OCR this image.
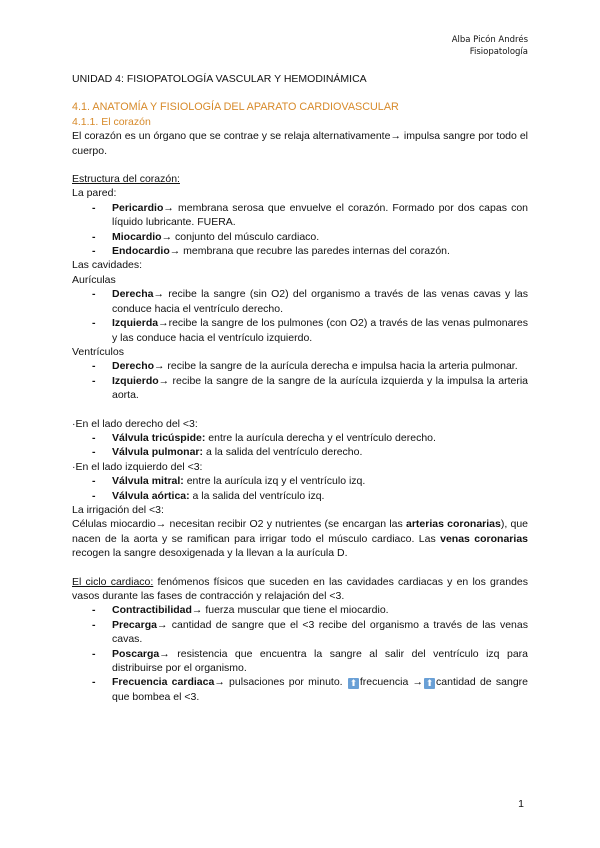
Alba Picón Andrés
Fisiopatología

UNIDAD 4: FISIOPATOLOGÍA VASCULAR Y HEMODINÁMICA

4.1. ANATOMÍA Y FISIOLOGÍA DEL APARATO CARDIOVASCULAR

4.1.1. El corazón

El corazón es un órgano que se contrae y se relaja alternativamente→ impulsa sangre por todo el cuerpo.

Estructura del corazón:

La pared:

- Pericardio→ membrana serosa que envuelve el corazón. Formado por dos capas con líquido lubricante. FUERA.
- Miocardio→ conjunto del músculo cardiaco.
- Endocardio→ membrana que recubre las paredes internas del corazón.

Las cavidades:

Aurículas

- Derecha→ recibe la sangre (sin O2) del organismo a través de las venas cavas y las conduce hacia el ventrículo derecho.
- Izquierda→recibe la sangre de los pulmones (con O2) a través de las venas pulmonares y las conduce hacia el ventrículo izquierdo.

Ventrículos

- Derecho→ recibe la sangre de la aurícula derecha e impulsa hacia la arteria pulmonar.
- Izquierdo→ recibe la sangre de la sangre de la aurícula izquierda y la impulsa la arteria aorta.

·En el lado derecho del <3:

- Válvula tricúspide: entre la aurícula derecha y el ventrículo derecho.
- Válvula pulmonar: a la salida del ventrículo derecho.

·En el lado izquierdo del <3:

- Válvula mitral: entre la aurícula izq y el ventrículo izq.
- Válvula aórtica: a la salida del ventrículo izq.

La irrigación del <3:

Células miocardio→ necesitan recibir O2 y nutrientes (se encargan las arterias coronarias), que nacen de la aorta y se ramifican para irrigar todo el músculo cardiaco. Las venas coronarias recogen la sangre desoxigenada y la llevan a la aurícula D.

El ciclo cardiaco: fenómenos físicos que suceden en las cavidades cardiacas y en los grandes vasos durante las fases de contracción y relajación del <3.

- Contractibilidad→ fuerza muscular que tiene el miocardio.
- Precarga→ cantidad de sangre que el <3 recibe del organismo a través de las venas cavas.
- Poscarga→ resistencia que encuentra la sangre al salir del ventrículo izq para distribuirse por el organismo.
- Frecuencia cardiaca→ pulsaciones por minuto. ⬆ frecuencia → ⬆ cantidad de sangre que bombea el <3.
1
